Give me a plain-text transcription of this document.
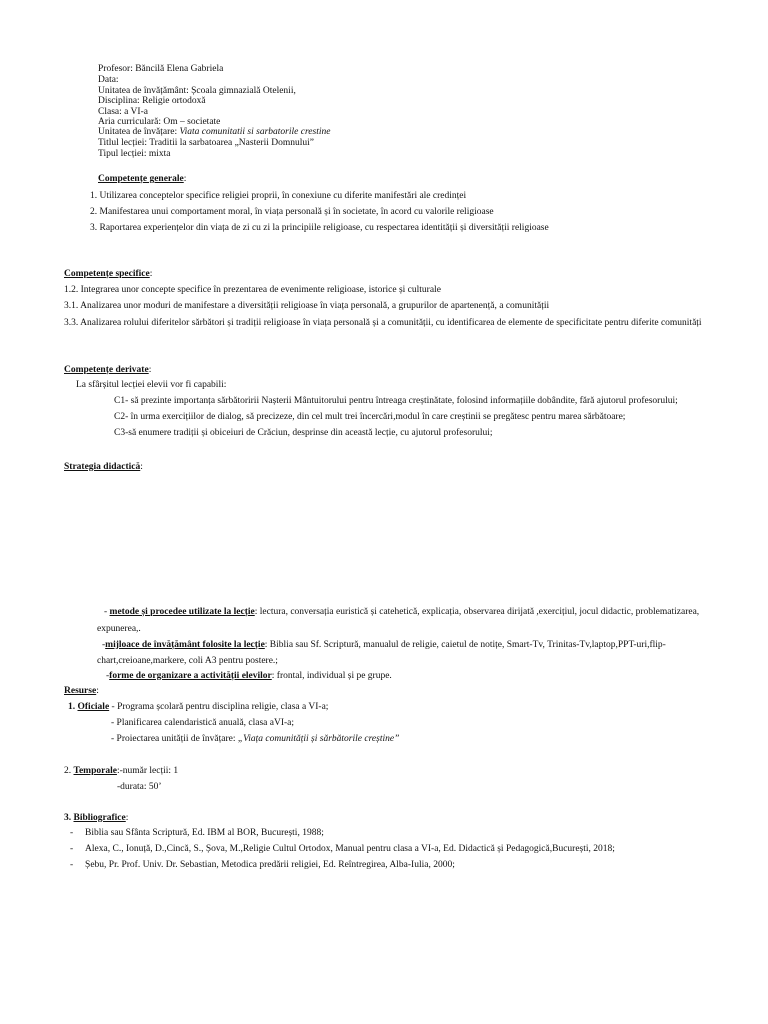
Profesor: Băncilă Elena Gabriela
Data:
Unitatea de învățământ: Școala gimnazială Otelenii,
Disciplina: Religie ortodoxă
Clasa: a VI-a
Aria curriculară: Om – societate
Unitatea de învățare: Viata comunitatii si sarbatorile crestine
Titlul lecției: Traditii la sarbatoarea „Nasterii Domnului”
Tipul lecției: mixta
Competențe generale:
1. Utilizarea conceptelor specifice religiei proprii, în conexiune cu diferite manifestări ale credinței
2. Manifestarea unui comportament moral, în viața personală și în societate, în acord cu valorile religioase
3. Raportarea experiențelor din viața de zi cu zi la principiile religioase, cu respectarea identității și diversității religioase
Competențe specifice:
1.2. Integrarea unor concepte specifice în prezentarea de evenimente religioase, istorice și culturale
3.1. Analizarea unor moduri de manifestare a diversității religioase în viața personală, a grupurilor de apartenență, a comunității
3.3. Analizarea rolului diferitelor sărbători și tradiții religioase în viața personală și a comunității, cu identificarea de elemente de specificitate pentru diferite comunități
Competențe derivate:
La sfârșitul lecției elevii vor fi capabili:
C1- să prezinte importanța sărbătoririi Nașterii Mântuitorului pentru întreaga creștinătate, folosind informațiile dobândite, fără ajutorul profesorului;
C2- în urma exercițiilor de dialog, să precizeze, din cel mult trei încercări,modul în care creștinii se pregătesc pentru marea sărbătoare;
C3-să enumere tradiții și obiceiuri de Crăciun, desprinse din această lecție, cu ajutorul profesorului;
Strategia didactică:
- metode și procedee utilizate la lecție: lectura, conversația euristică și catehetică, explicația, observarea dirijată ,exercițiul, jocul didactic, problematizarea,
expunerea,.
-mijloace de învățământ folosite la lecție: Biblia sau Sf. Scriptură, manualul de religie, caietul de notițe, Smart-Tv, Trinitas-Tv,laptop,PPT-uri,flip-
chart,creioane,markere, coli A3 pentru postere.;
-forme de organizare a activității elevilor: frontal, individual și pe grupe.
Resurse:
1. Oficiale - Programa școlară pentru disciplina religie, clasa a VI-a;
- Planificarea calendaristică anuală, clasa aVI-a;
- Proiectarea unității de învățare: „Viața comunității și sărbătorile creștine”
2. Temporale:-număr lecții: 1
-durata: 50’
3. Bibliografice:
-     Biblia sau Sfânta Scriptură, Ed. IBM al BOR, București, 1988;
-     Alexa, C., Ionuță, D.,Cincă, S., Șova, M.,Religie Cultul Ortodox, Manual pentru clasa a VI-a, Ed. Didactică și Pedagogică,București, 2018;
-     Șebu, Pr. Prof. Univ. Dr. Sebastian, Metodica predării religiei, Ed. Reîntregirea, Alba-Iulia, 2000;
